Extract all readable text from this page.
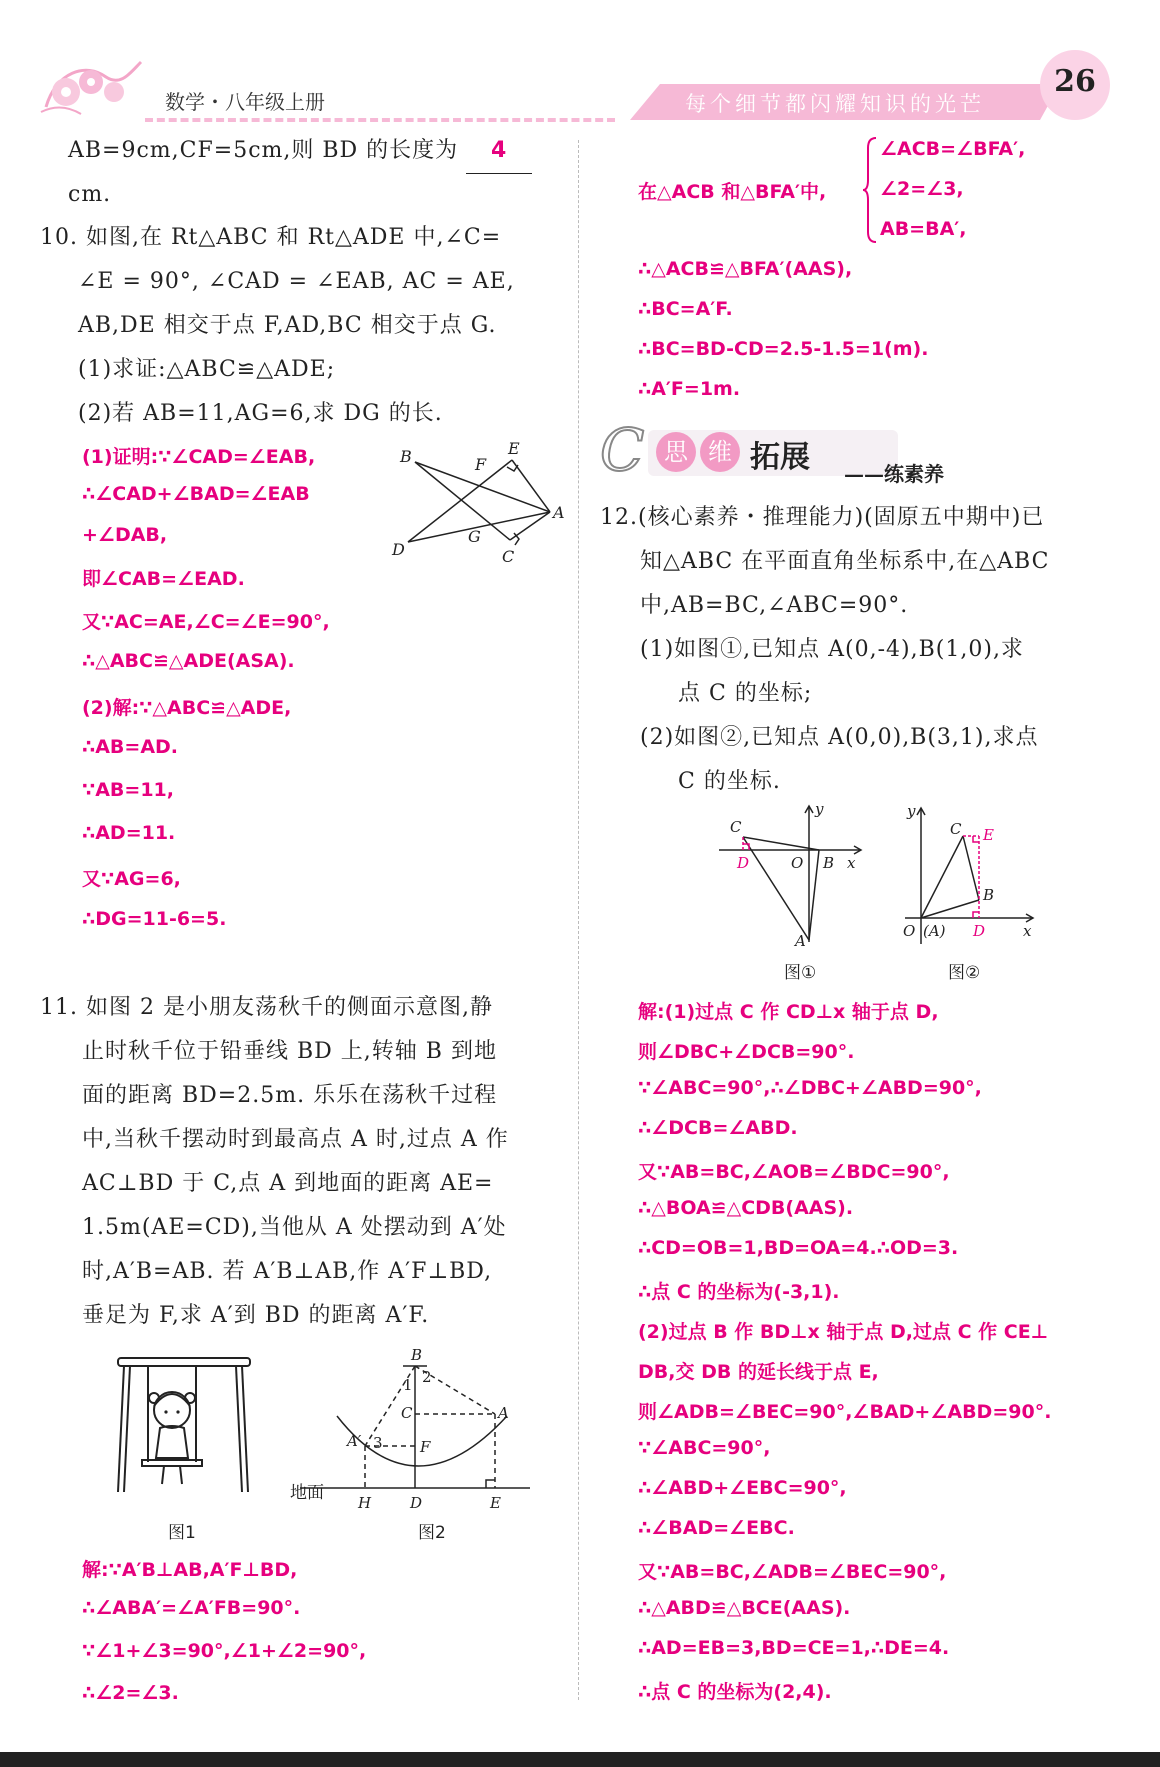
数学・八年级上册	每个细节都闪耀知识的光芒
26
AB=9cm,CF=5cm,则 BD 的长度为 4
cm.
10. 如图,在 Rt△ABC 和 Rt△ADE 中,∠C=
∠E = 90°, ∠CAD = ∠EAB, AC = AE,
AB,DE 相交于点 F,AD,BC 相交于点 G.
(1)求证:△ABC≌△ADE;
(2)若 AB=11,AG=6,求 DG 的长.
B	F
E
A
D
G
C
(1)证明:∵∠CAD=∠EAB,
∴∠CAD+∠BAD=∠EAB
+∠DAB,
即∠CAB=∠EAD.
又∵AC=AE,∠C=∠E=90°,
∴△ABC≌△ADE(ASA).
(2)解:∵△ABC≌△ADE,
∴AB=AD.
∵AB=11,
∴AD=11.
又∵AG=6,
∴DG=11-6=5.
11. 如图 2 是小朋友荡秋千的侧面示意图,静
止时秋千位于铅垂线 BD 上,转轴 B 到地
面的距离 BD=2.5m. 乐乐在荡秋千过程
中,当秋千摆动时到最高点 A 时,过点 A 作
AC⊥BD 于 C,点 A 到地面的距离 AE=
1.5m(AE=CD),当他从 A 处摆动到 A′处
时,A′B=AB. 若 A′B⊥AB,作 A′F⊥BD,
垂足为 F,求 A′到 BD 的距离 A′F.
图1
B
2
1
C	A
A′ 3 F
H	D	E
地面
图2
解:∵A′B⊥AB,A′F⊥BD,
∴∠ABA′=∠A′FB=90°.
∵∠1+∠3=90°,∠1+∠2=90°,
∴∠2=∠3.
在△ACB 和△BFA′中,
∠ACB=∠BFA′,
∠2=∠3,
AB=BA′,
∴△ACB≌△BFA′(AAS),
∴BC=A′F.
∴BC=BD-CD=2.5-1.5=1(m).
∴A′F=1m.
C 思 维 拓展 ——练素养
12.(核心素养・推理能力)(固原五中期中)已
知△ABC 在平面直角坐标系中,在△ABC
中,AB=BC,∠ABC=90°.
(1)如图①,已知点 A(0,-4),B(1,0),求
点 C 的坐标;
(2)如图②,已知点 A(0,0),B(3,1),求点
C 的坐标.
C
y
D	O B x
A
图①
y
C E
B
O (A) D	x
图②
解:(1)过点 C 作 CD⊥x 轴于点 D,
则∠DBC+∠DCB=90°.
∵∠ABC=90°,∴∠DBC+∠ABD=90°,
∴∠DCB=∠ABD.
又∵AB=BC,∠AOB=∠BDC=90°,
∴△BOA≌△CDB(AAS).
∴CD=OB=1,BD=OA=4.∴OD=3.
∴点 C 的坐标为(-3,1).
(2)过点 B 作 BD⊥x 轴于点 D,过点 C 作 CE⊥
DB,交 DB 的延长线于点 E,
则∠ADB=∠BEC=90°,∠BAD+∠ABD=90°.
∵∠ABC=90°,
∴∠ABD+∠EBC=90°,
∴∠BAD=∠EBC.
又∵AB=BC,∠ADB=∠BEC=90°,
∴△ABD≌△BCE(AAS).
∴AD=EB=3,BD=CE=1,∴DE=4.
∴点 C 的坐标为(2,4).
